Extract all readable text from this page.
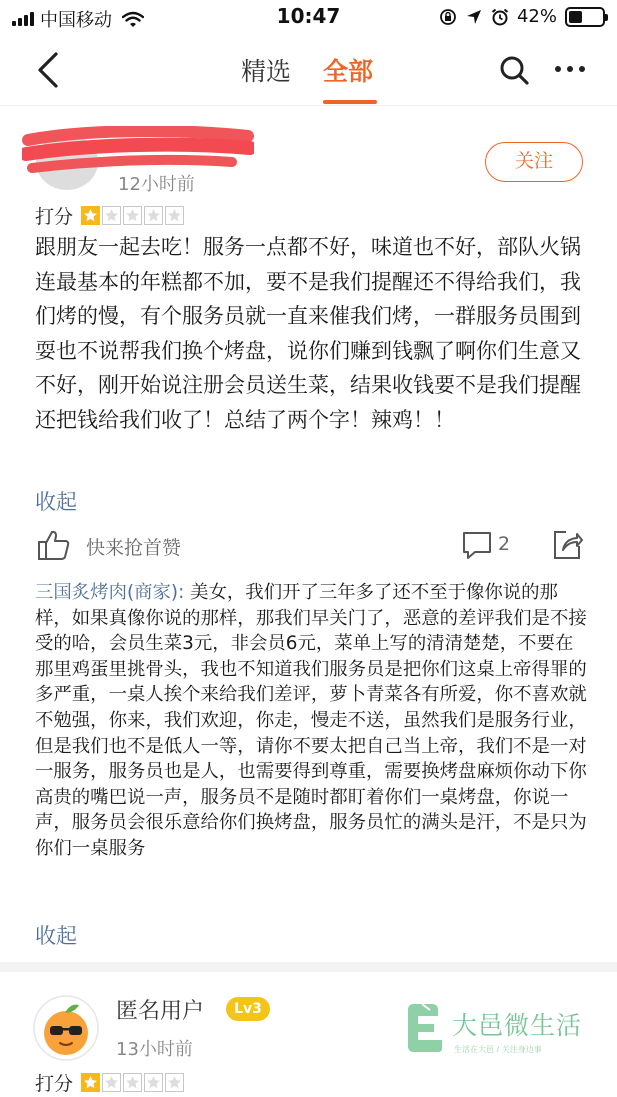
中国移动	10:47	42%
精选 全部
12小时前
关注
打分
跟朋友一起去吃！服务一点都不好，味道也不好，部队火锅连最基本的年糕都不加，要不是我们提醒还不得给我们，我们烤的慢，有个服务员就一直来催我们烤，一群服务员围到耍也不说帮我们换个烤盘，说你们赚到钱飘了啊你们生意又不好，刚开始说注册会员送生菜，结果收钱要不是我们提醒还把钱给我们收了！总结了两个字！辣鸡！！
收起
快来抢首赞	2
三国炙烤肉(商家): 美女，我们开了三年多了还不至于像你说的那样，如果真像你说的那样，那我们早关门了，恶意的差评我们是不接受的哈，会员生菜3元，非会员6元，菜单上写的清清楚楚，不要在那里鸡蛋里挑骨头，我也不知道我们服务员是把你们这桌上帝得罪的多严重，一桌人挨个来给我们差评，萝卜青菜各有所爱，你不喜欢就不勉强，你来，我们欢迎，你走，慢走不送，虽然我们是服务行业，但是我们也不是低人一等，请你不要太把自己当上帝，我们不是一对一服务，服务员也是人，也需要得到尊重，需要换烤盘麻烦你动下你高贵的嘴巴说一声，服务员不是随时都盯着你们一桌烤盘，你说一声，服务员会很乐意给你们换烤盘，服务员忙的满头是汗，不是只为你们一桌服务
收起
匿名用户	Lv3
13小时前
打分
大邑微生活
生活在大邑 / 关注身边事
